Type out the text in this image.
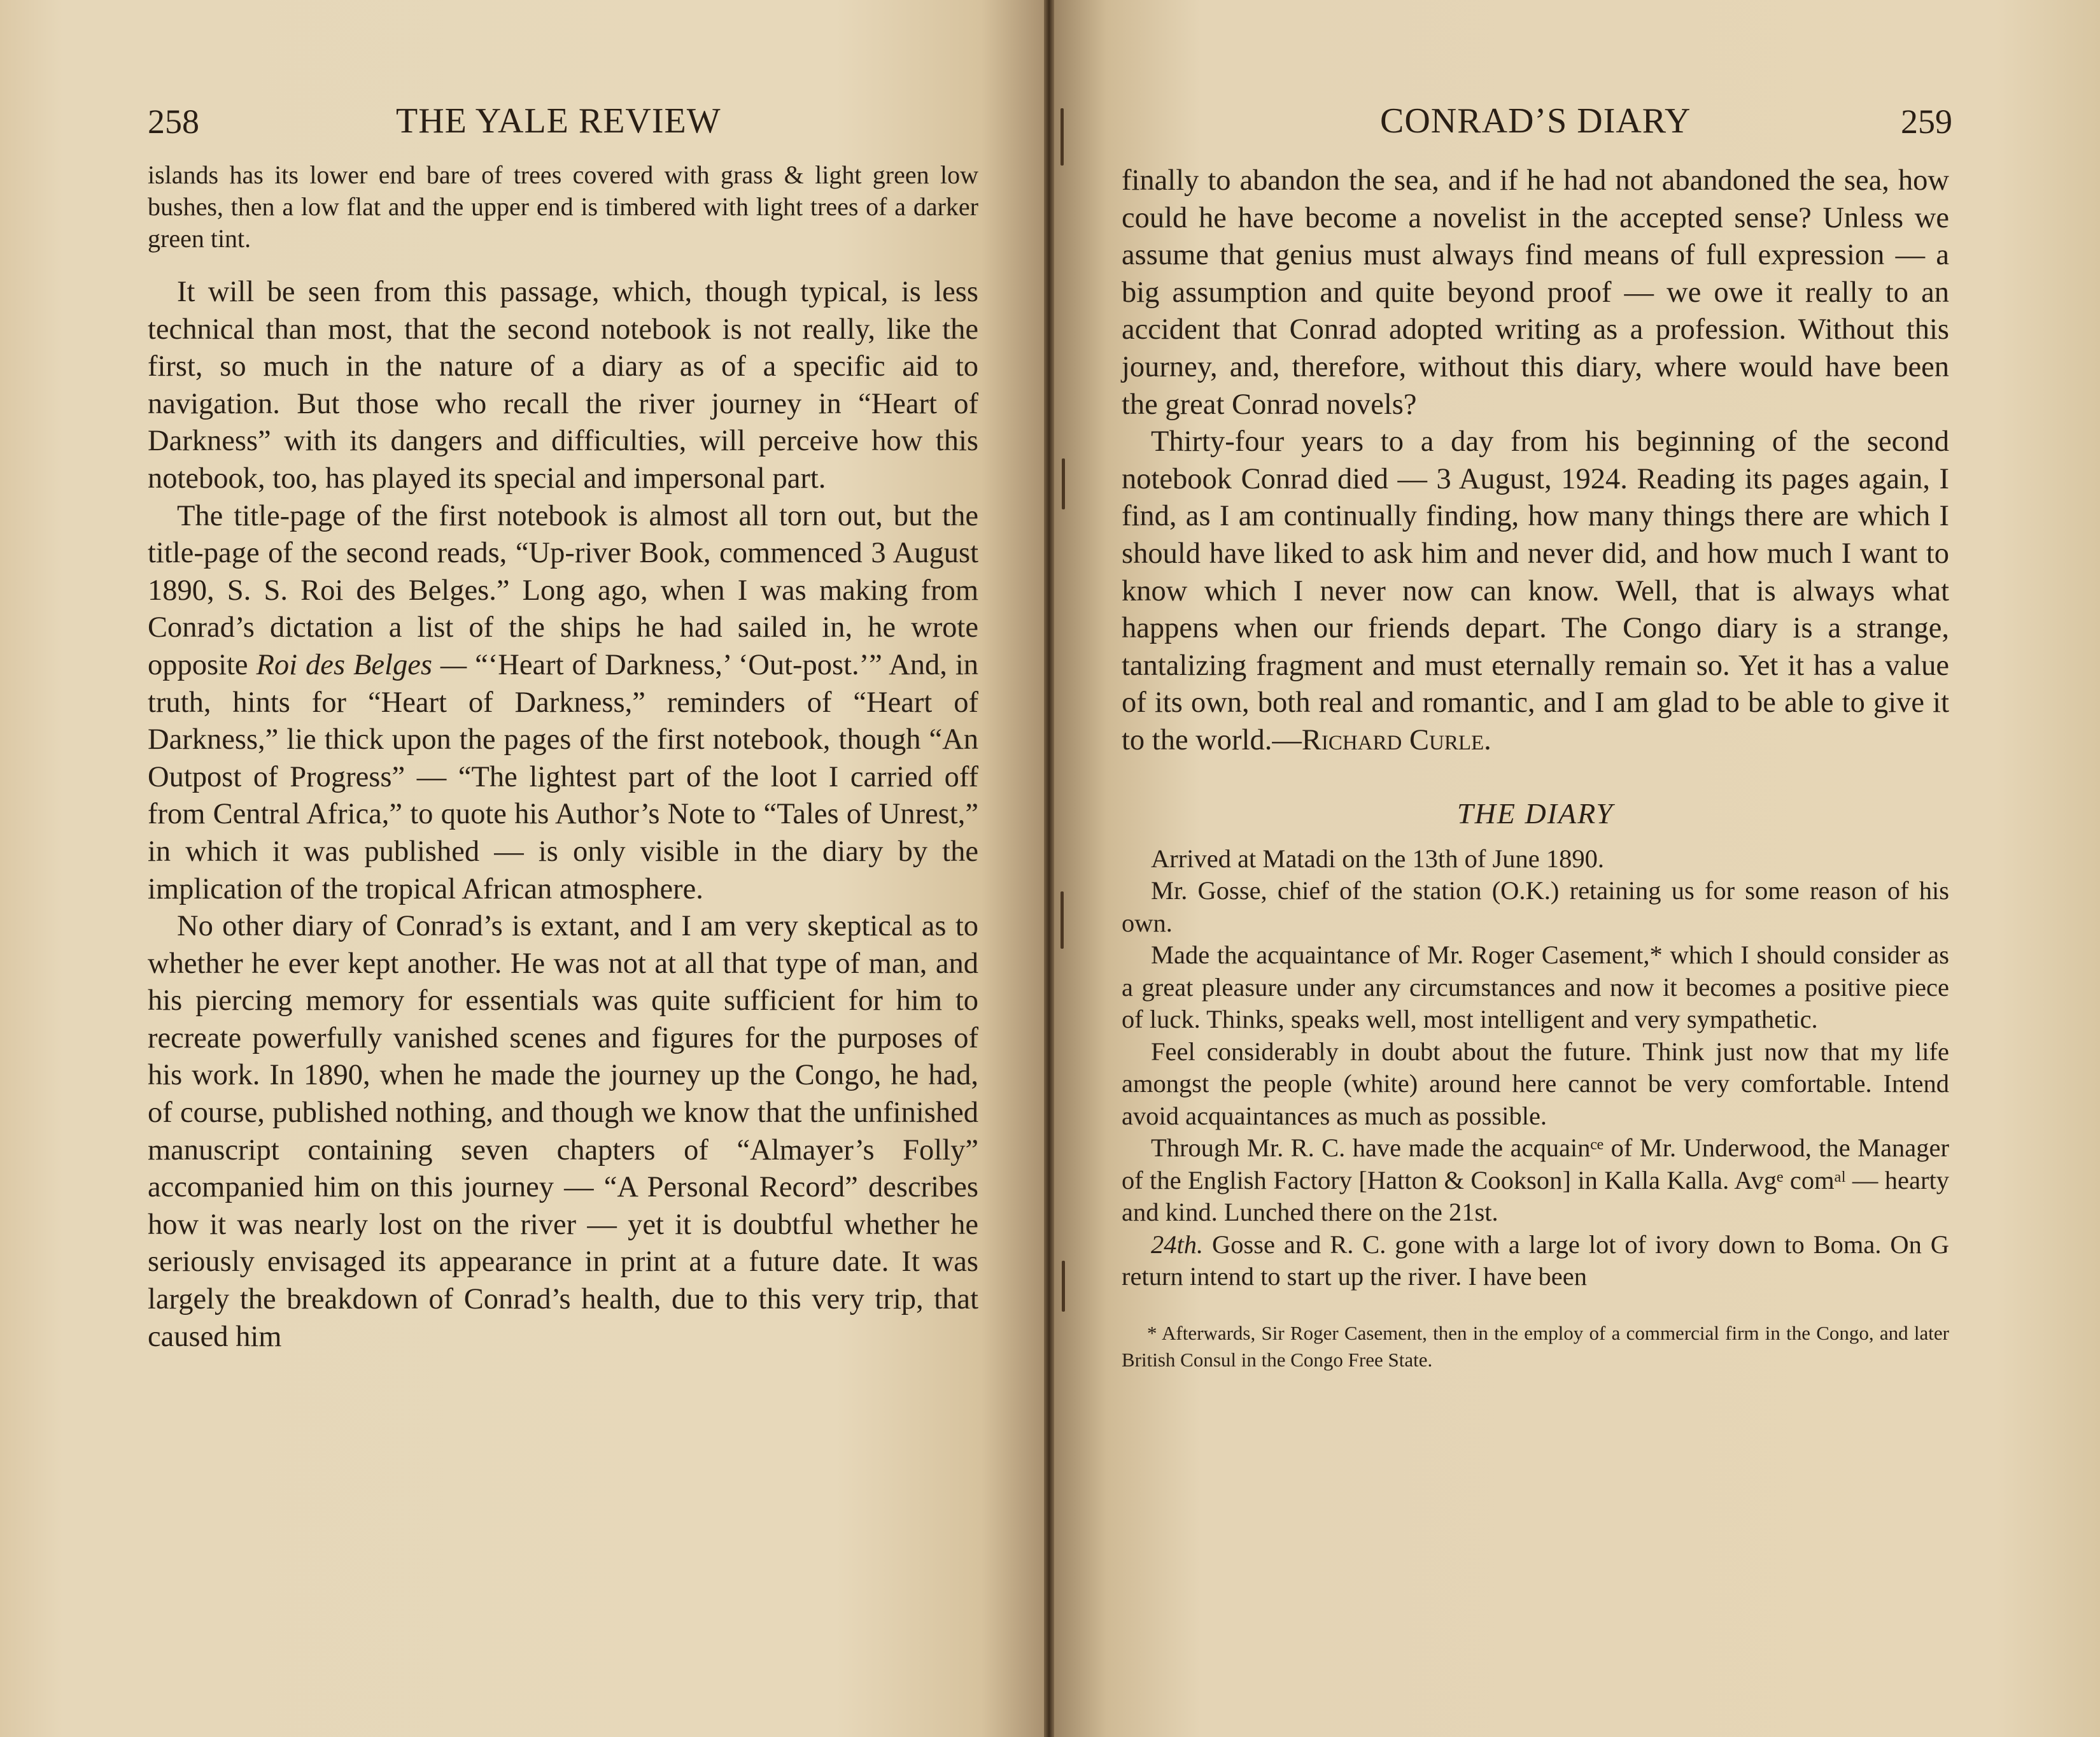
258	THE YALE REVIEW

islands has its lower end bare of trees covered with grass & light green low bushes, then a low flat and the upper end is timbered with light trees of a darker green tint.

It will be seen from this passage, which, though typical, is less technical than most, that the second notebook is not really, like the first, so much in the nature of a diary as of a specific aid to navigation. But those who recall the river journey in “Heart of Darkness” with its dangers and difficulties, will perceive how this notebook, too, has played its special and impersonal part.

The title-page of the first notebook is almost all torn out, but the title-page of the second reads, “Up-river Book, commenced 3 August 1890, S. S. Roi des Belges.” Long ago, when I was making from Conrad’s dictation a list of the ships he had sailed in, he wrote opposite Roi des Belges — “‘Heart of Darkness,’ ‘Out-post.’” And, in truth, hints for “Heart of Darkness,” reminders of “Heart of Darkness,” lie thick upon the pages of the first notebook, though “An Outpost of Progress” — “The lightest part of the loot I carried off from Central Africa,” to quote his Author’s Note to “Tales of Unrest,” in which it was published — is only visible in the diary by the implication of the tropical African atmosphere.

No other diary of Conrad’s is extant, and I am very skeptical as to whether he ever kept another. He was not at all that type of man, and his piercing memory for essentials was quite sufficient for him to recreate powerfully vanished scenes and figures for the purposes of his work. In 1890, when he made the journey up the Congo, he had, of course, published nothing, and though we know that the unfinished manuscript containing seven chapters of “Almayer’s Folly” accompanied him on this journey — “A Personal Record” describes how it was nearly lost on the river — yet it is doubtful whether he seriously envisaged its appearance in print at a future date. It was largely the breakdown of Conrad’s health, due to this very trip, that caused him

CONRAD’S DIARY	259

finally to abandon the sea, and if he had not abandoned the sea, how could he have become a novelist in the accepted sense? Unless we assume that genius must always find means of full expression — a big assumption and quite beyond proof — we owe it really to an accident that Conrad adopted writing as a profession. Without this journey, and, therefore, without this diary, where would have been the great Conrad novels?

Thirty-four years to a day from his beginning of the second notebook Conrad died — 3 August, 1924. Reading its pages again, I find, as I am continually finding, how many things there are which I should have liked to ask him and never did, and how much I want to know which I never now can know. Well, that is always what happens when our friends depart. The Congo diary is a strange, tantalizing fragment and must eternally remain so. Yet it has a value of its own, both real and romantic, and I am glad to be able to give it to the world.—Richard Curle.

THE DIARY

Arrived at Matadi on the 13th of June 1890.

Mr. Gosse, chief of the station (O.K.) retaining us for some reason of his own.

Made the acquaintance of Mr. Roger Casement,* which I should consider as a great pleasure under any circumstances and now it becomes a positive piece of luck. Thinks, speaks well, most intelligent and very sympathetic.

Feel considerably in doubt about the future. Think just now that my life amongst the people (white) around here cannot be very comfortable. Intend avoid acquaintances as much as possible.

Through Mr. R. C. have made the acquainᶜᵉ of Mr. Underwood, the Manager of the English Factory [Hatton & Cookson] in Kalla Kalla. Avgᵉ comᵃˡ — hearty and kind. Lunched there on the 21st.

24th. Gosse and R. C. gone with a large lot of ivory down to Boma. On G return intend to start up the river. I have been

* Afterwards, Sir Roger Casement, then in the employ of a commercial firm in the Congo, and later British Consul in the Congo Free State.
